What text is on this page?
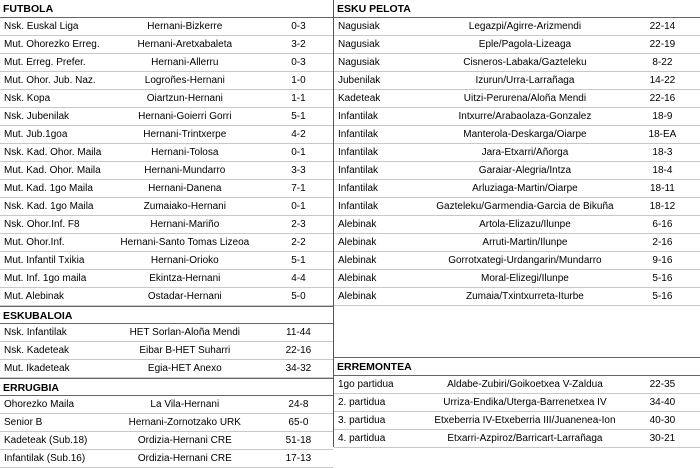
FUTBOLA
Nsk. Euskal Liga	Hernani-Bizkerre	0-3
Mut. Ohorezko Erreg.	Hernani-Aretxabaleta	3-2
Mut. Erreg. Prefer.	Hernani-Allerru	0-3
Mut. Ohor. Jub. Naz.	Logroñes-Hernani	1-0
Nsk. Kopa	Oiartzun-Hernani	1-1
Nsk. Jubenilak	Hernani-Goierri Gorri	5-1
Mut. Jub.1goa	Hernani-Trintxerpe	4-2
Nsk. Kad. Ohor. Maila	Hernani-Tolosa	0-1
Mut. Kad. Ohor. Maila	Hernani-Mundarro	3-3
Mut. Kad. 1go Maila	Hernani-Danena	7-1
Nsk. Kad. 1go Maila	Zumaiako-Hernani	0-1
Nsk. Ohor.Inf. F8	Hernani-Mariño	2-3
Mut. Ohor.Inf.	Hernani-Santo Tomas Lizeoa	2-2
Mut. Infantil Txikia	Hernani-Orioko	5-1
Mut. Inf. 1go maila	Ekintza-Hernani	4-4
Mut. Alebinak	Ostadar-Hernani	5-0
ESKUBALOIA
Nsk. Infantilak	HET Sorlan-Aloña Mendi	11-44
Nsk. Kadeteak	Eibar B-HET Suharri	22-16
Mut. Ikadeteak	Egia-HET Anexo	34-32
ERRUGBIA
Ohorezko Maila	La Vila-Hernani	24-8
Senior B	Hernani-Zornotzako URK	65-0
Kadeteak (Sub.18)	Ordizia-Hernani CRE	51-18
Infantilak (Sub.16)	Ordizia-Hernani CRE	17-13
ESKU PELOTA
Nagusiak	Legazpi/Agirre-Arizmendi	22-14
Nagusiak	Eple/Pagola-Lizeaga	22-19
Nagusiak	Cisneros-Labaka/Gazteleku	8-22
Jubenilak	Izurun/Urra-Larrañaga	14-22
Kadeteak	Uitzi-Perurena/Aloña Mendi	22-16
Infantilak	Intxurre/Arabaolaza-Gonzalez	18-9
Infantilak	Manterola-Deskarga/Oiarpe	18-EA
Infantilak	Jara-Etxarri/Añorga	18-3
Infantilak	Garaiar-Alegria/Intza	18-4
Infantilak	Arluziaga-Martin/Oiarpe	18-11
Infantilak	Gazteleku/Garmendia-Garcia de Bikuña	18-12
Alebinak	Artola-Elizazu/Ilunpe	6-16
Alebinak	Arruti-Martin/Ilunpe	2-16
Alebinak	Gorrotxategi-Urdangarin/Mundarro	9-16
Alebinak	Moral-Elizegi/Ilunpe	5-16
Alebinak	Zumaia/Txintxurreta-Iturbe	5-16
ERREMONTEA
1go partidua	Aldabe-Zubiri/Goikoetxea V-Zaldua	22-35
2. partidua	Urriza-Endika/Uterga-Barrenetxea IV	34-40
3. partidua	Etxeberria IV-Etxeberria III/Juanenea-Ion	40-30
4. partidua	Etxarri-Azpiroz/Barricart-Larrañaga	30-21
